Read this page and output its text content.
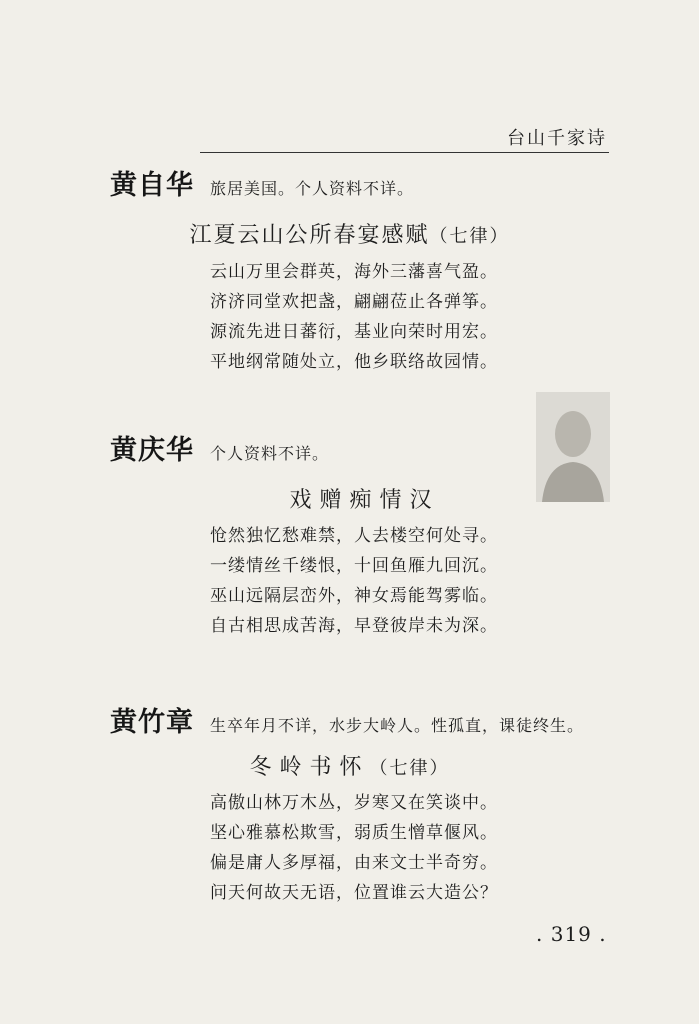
台山千家诗
黄自华 旅居美国。个人资料不详。
江夏云山公所春宴感赋（七律）
云山万里会群英，海外三藩喜气盈。
济济同堂欢把盏，翩翩莅止各弹筝。
源流先进日蕃衍，基业向荣时用宏。
平地纲常随处立，他乡联络故园情。
黄庆华 个人资料不详。
戏赠痴情汉
怆然独忆愁难禁，人去楼空何处寻。
一缕情丝千缕恨，十回鱼雁九回沉。
巫山远隔层峦外，神女焉能驾雾临。
自古相思成苦海，早登彼岸未为深。
黄竹章 生卒年月不详，水步大岭人。性孤直，课徒终生。
冬岭书怀（七律）
高傲山林万木丛，岁寒又在笑谈中。
坚心雅慕松欺雪，弱质生憎草偃风。
偏是庸人多厚福，由来文士半奇穷。
问天何故天无语，位置谁云大造公？
. 319 .
